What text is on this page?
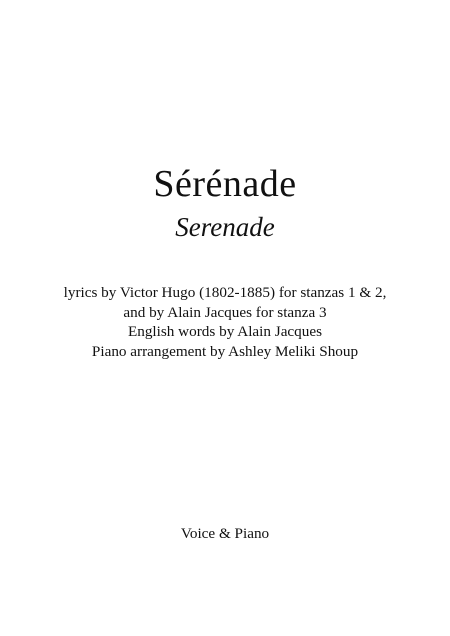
Sérénade
Serenade
lyrics by Victor Hugo (1802-1885) for stanzas 1 & 2,
and by Alain Jacques for stanza 3
English words by Alain Jacques
Piano arrangement by Ashley Meliki Shoup
Voice & Piano
